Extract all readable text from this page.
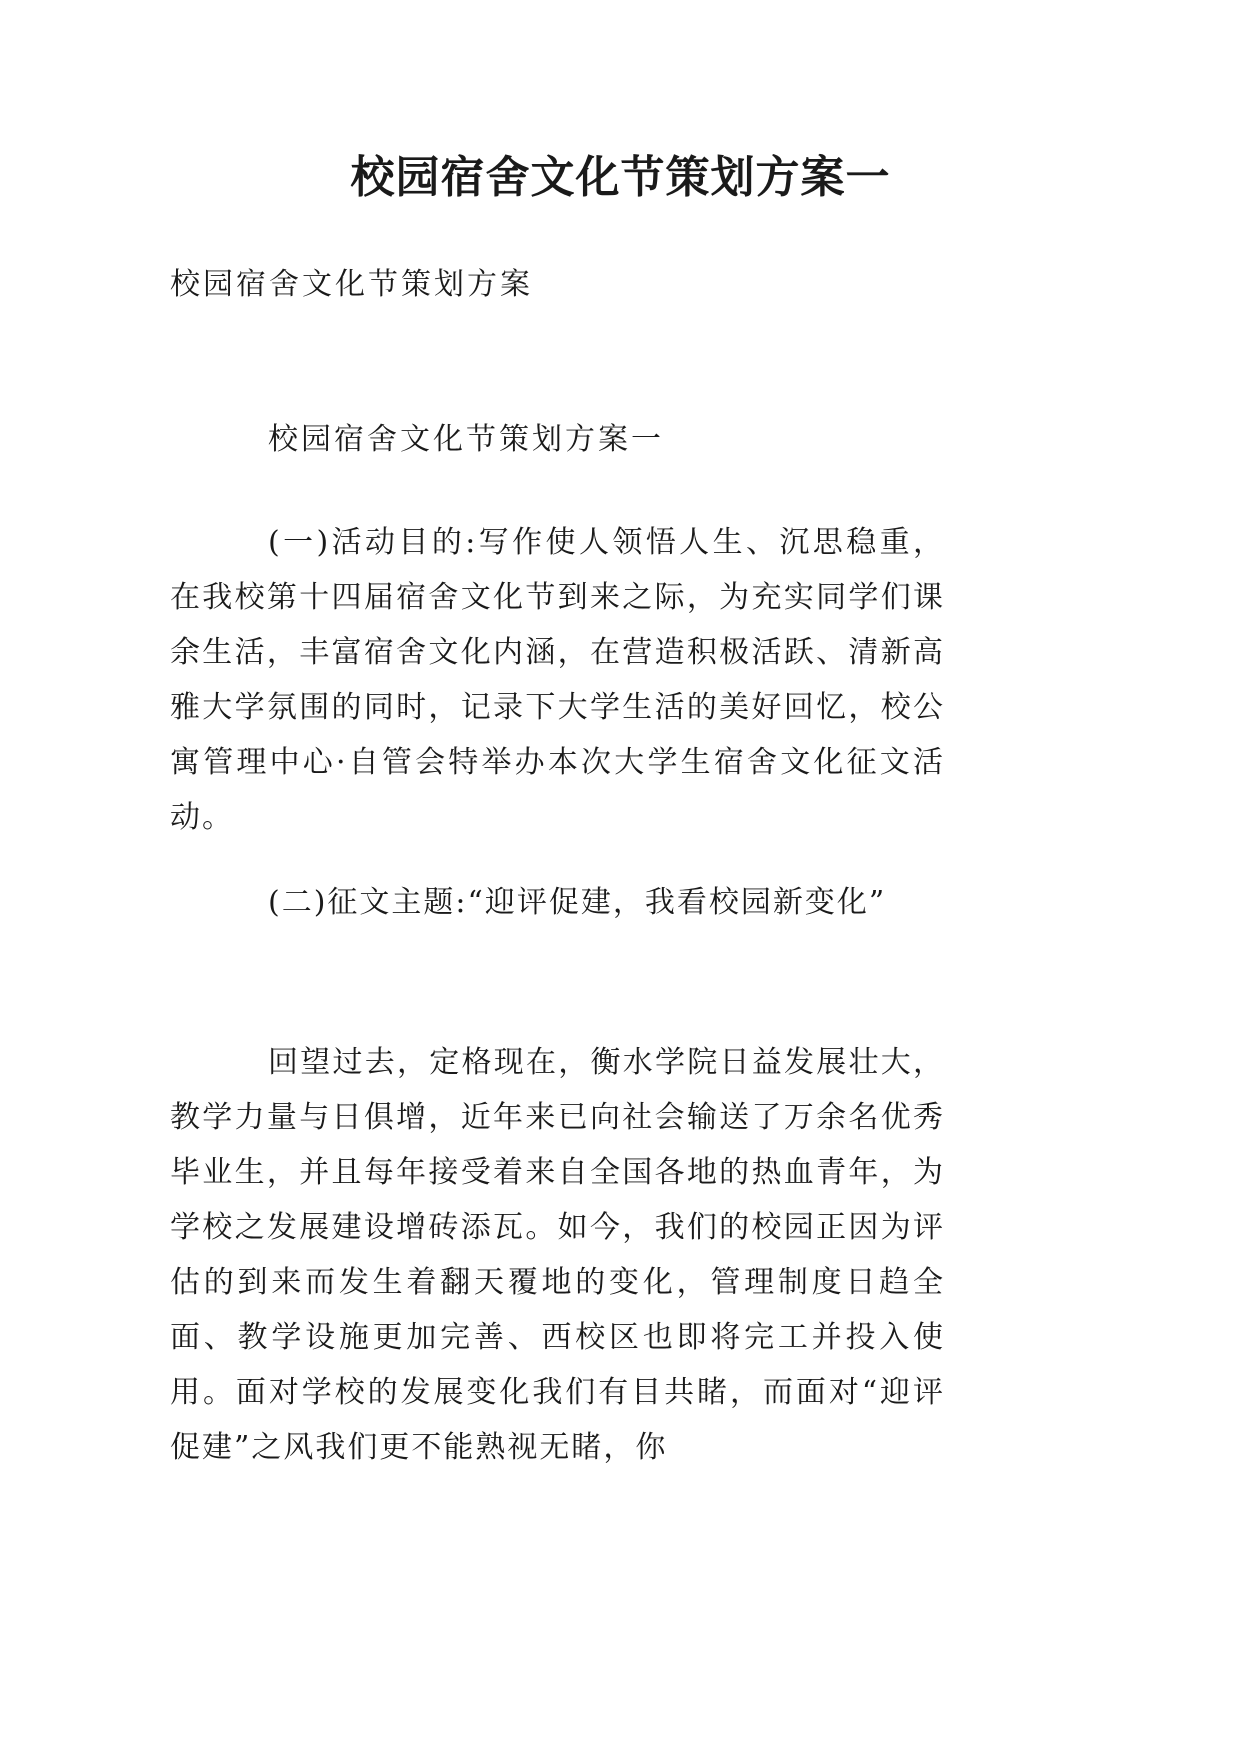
校园宿舍文化节策划方案一
校园宿舍文化节策划方案
校园宿舍文化节策划方案一
(一)活动目的:写作使人领悟人生、沉思稳重，在我校第十四届宿舍文化节到来之际，为充实同学们课余生活，丰富宿舍文化内涵，在营造积极活跃、清新高雅大学氛围的同时，记录下大学生活的美好回忆，校公寓管理中心·自管会特举办本次大学生宿舍文化征文活动。
(二)征文主题:“迎评促建，我看校园新变化”
回望过去，定格现在，衡水学院日益发展壮大，教学力量与日俱增，近年来已向社会输送了万余名优秀毕业生，并且每年接受着来自全国各地的热血青年，为学校之发展建设增砖添瓦。如今，我们的校园正因为评估的到来而发生着翻天覆地的变化，管理制度日趋全面、教学设施更加完善、西校区也即将完工并投入使用。面对学校的发展变化我们有目共睹，而面对“迎评促建”之风我们更不能熟视无睹，你
